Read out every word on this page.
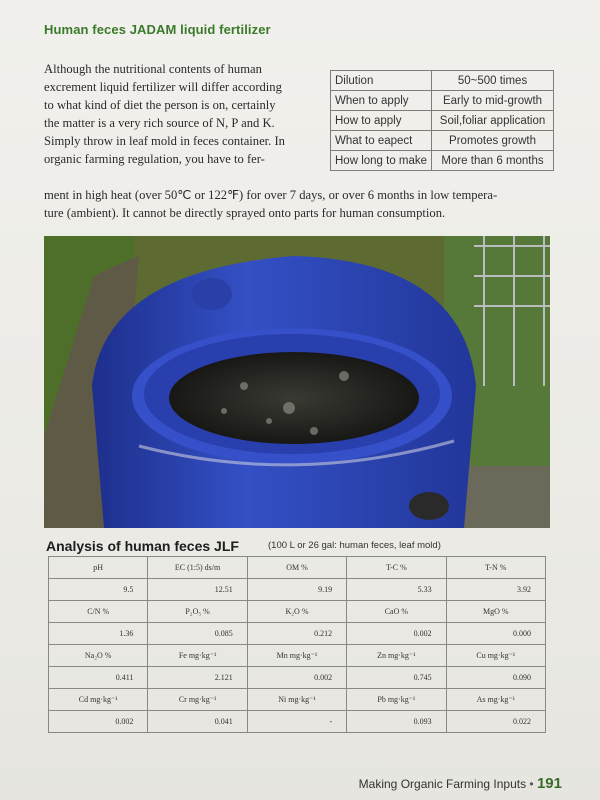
Human feces JADAM liquid fertilizer
Although the nutritional contents of human
excrement liquid fertilizer will differ according
to what kind of diet the person is on, certainly
the matter is a very rich source of N, P and K.
Simply throw in leaf mold in feces container. In
organic farming regulation, you have to fer-
ment in high heat (over 50℃ or 122℉) for over 7 days, or over 6 months in low tempera-
ture (ambient). It cannot be directly sprayed onto parts for human consumption.
Dilution	50~500 times
When to apply	Early to mid-growth
How to apply	Soil,foliar application
What to eapect	Promotes growth
How long to make	More than 6 months
Analysis of human feces JLF	(100 L or 26 gal: human feces, leaf mold)
pH	EC (1:5) ds/m	OM %	T-C %	T-N %
9.5	12.51	9.19	5.33	3.92
C/N %	P₂O₅ %	K₂O %	CaO %	MgO %
1.36	0.085	0.212	0.002	0.000
Na₂O %	Fe mg·kg⁻¹	Mn mg·kg⁻¹	Zn mg·kg⁻¹	Cu mg·kg⁻¹
0.411	2.121	0.002	0.745	0.090
Cd mg·kg⁻¹	Cr mg·kg⁻¹	Ni mg·kg⁻¹	Pb mg·kg⁻¹	As mg·kg⁻¹
0.002	0.041	-	0.093	0.022
Making Organic Farming Inputs • 191
